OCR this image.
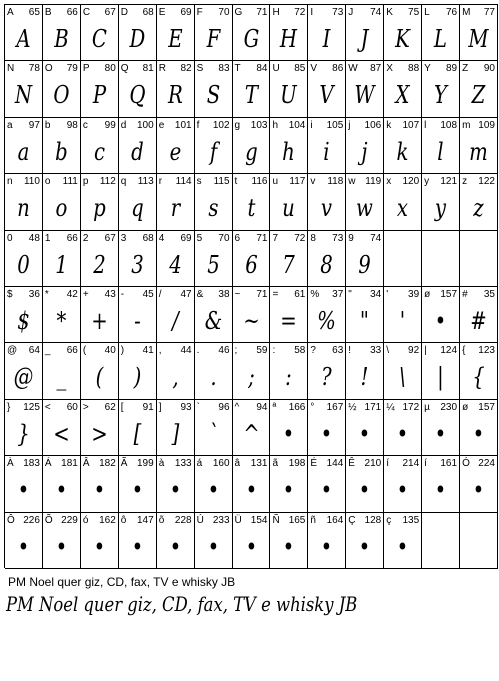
A 65
A
B 66
B
C 67
C
D 68
D
E 69
E
F 70
F
G 71
G
H 72
H
I 73
I
J 74
J
K 75
K
L 76
L
M 77
M
N 78
N
O 79
O
P 80
P
Q 81
Q
R 82
R
S 83
S
T 84
T
U 85
U
V 86
V
W 87
W
X 88
X
Y 89
Y
Z 90
Z
a 97
a
b 98
b
c 99
c
d 100
d
e 101
e
f 102
f
g 103
g
h 104
h
i 105
i
j 106
j
k 107
k
l 108
l
m 109
m
n 110
n
o 111
o
p 112
p
q 113
q
r 114
r
s 115
s
t 116
t
u 117
u
v 118
v
w 119
w
x 120
x
y 121
y
z 122
z
0 48
0
1 66
1
2 67
2
3 68
3
4 69
4
5 70
5
6 71
6
7 72
7
8 73
8
9 74
9
$ 36
$
* 42
*
+ 43
+
- 45
-
/ 47
/
& 38
&
~ 71
~
= 61
=
% 37
%
" 34
"
' 39
'
ø 157
•
# 35
#
@ 64
@
_ 66
_
( 40
(
) 41
)
, 44
,
. 46
.
; 59
;
: 58
:
? 63
?
! 33
!
\ 92
\
| 124
|
{ 123
{
} 125
}
< 60
<
> 62
>
[ 91
[
] 93
]
` 96
`
^ 94
^
ª 166
•
° 167
•
½ 171
•
¼ 172
•
µ 230
•
ø 157
•
À 183
•
Á 181
•
Â 182
•
Ã 199
•
à 133
•
á 160
•
â 131
•
ã 198
•
É 144
•
Ê 210
•
í 214
•
í 161
•
Ó 224
•
Ô 226
•
Õ 229
•
ó 162
•
ô 147
•
õ 228
•
Ú 233
•
Ü 154
•
Ñ 165
•
ñ 164
•
Ç 128
•
ç 135
•
PM Noel quer giz, CD, fax, TV e whisky JB
PM Noel quer giz, CD, fax, TV e whisky JB
